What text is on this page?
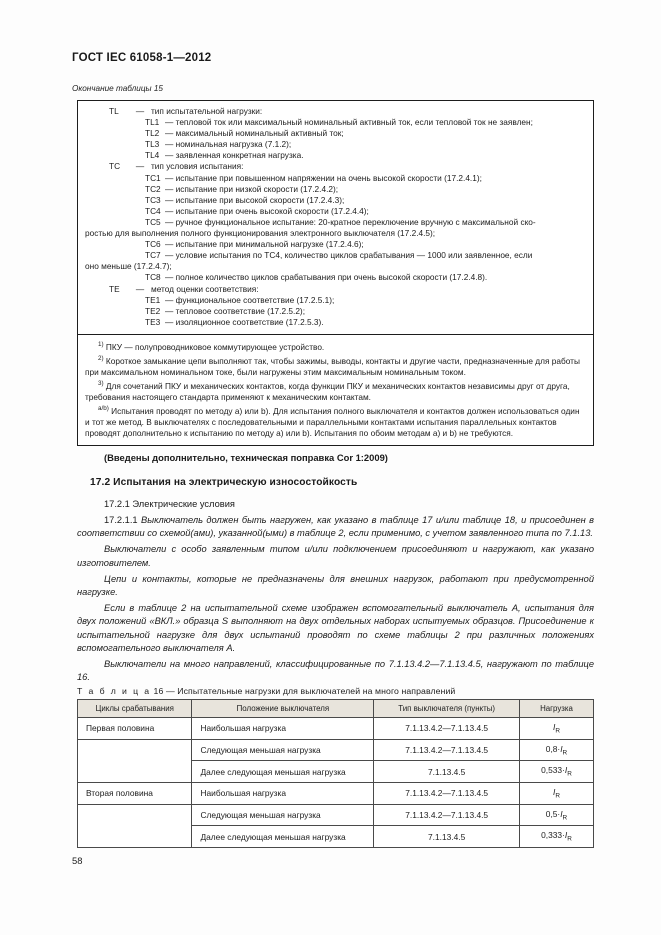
ГОСТ IEC 61058-1—2012
Окончание таблицы 15
TL — тип испытательной нагрузки:
TL1 — тепловой ток или максимальный номинальный активный ток, если тепловой ток не заявлен;
TL2 — максимальный номинальный активный ток;
TL3 — номинальная нагрузка (7.1.2);
TL4 — заявленная конкретная нагрузка.
TC — тип условия испытания:
TC1 — испытание при повышенном напряжении на очень высокой скорости (17.2.4.1);
TC2 — испытание при низкой скорости (17.2.4.2);
TC3 — испытание при высокой скорости (17.2.4.3);
TC4 — испытание при очень высокой скорости (17.2.4.4);
TC5 — ручное функциональное испытание: 20-кратное переключение вручную с максимальной ско-
ростью для выполнения полного функционирования электронного выключателя (17.2.4.5);
TC6 — испытание при минимальной нагрузке (17.2.4.6);
TC7 — условие испытания по ТС4, количество циклов срабатывания — 1000 или заявленное, если
оно меньше (17.2.4.7);
TC8 — полное количество циклов срабатывания при очень высокой скорости (17.2.4.8).
TE — метод оценки соответствия:
TE1 — функциональное соответствие (17.2.5.1);
TE2 — тепловое соответствие (17.2.5.2);
TE3 — изоляционное соответствие (17.2.5.3).

$^{1)}$ ПКУ — полупроводниковое коммутирующее устройство.

$^{2)}$ Короткое замыкание цепи выполняют так, чтобы зажимы, выводы, контакты и другие части, предназначенные для работы при максимальном номинальном токе, были нагружены этим максимальным номинальным током.

$^{3)}$ Для сочетаний ПКУ и механических контактов, когда функции ПКУ и механических контактов независимы друг от друга, требования настоящего стандарта применяют к механическим контактам.

$^{a/b)}$ Испытания проводят по методу a) или b). Для испытания полного выключателя и контактов должен использоваться один и тот же метод. В выключателях с последовательными и параллельными контактами испытания параллельных контактов проводят дополнительно к испытанию по методу a) или b). Испытания по обоим методам a) и b) не требуются.

(Введены дополнительно, техническая поправка Cor 1:2009)
17.2 Испытания на электрическую износостойкость
17.2.1 Электрические условия

17.2.1.1 Выключатель должен быть нагружен, как указано в таблице 17 и/или таблице 18, и присоединен в соответствии со схемой(ами), указанной(ыми) в таблице 2, если применимо, с учетом заявленного типа по 7.1.13.

Выключатели с особо заявленным типом и/или подключением присоединяют и нагружают, как указано изготовителем.

Цепи и контакты, которые не предназначены для внешних нагрузок, работают при предусмотренной нагрузке.

Если в таблице 2 на испытательной схеме изображен вспомогательный выключатель А, испытания для двух положений «ВКЛ.» образца S выполняют на двух отдельных наборах испытуемых образцов. Присоединение к испытательной нагрузке для двух испытаний проводят по схеме таблицы 2 при различных положениях вспомогательного выключателя А.

Выключатели на много направлений, классифицированные по 7.1.13.4.2—7.1.13.4.5, нагружают по таблице 16.

Т а б л и ц а 16 — Испытательные нагрузки для выключателей на много направлений
Циклы срабатывания	Положение выключателя	Тип выключателя (пункты)	Нагрузка
Первая половина	Наибольшая нагрузка	7.1.13.4.2—7.1.13.4.5	$I_R$
	Следующая меньшая нагрузка	7.1.13.4.2—7.1.13.4.5	$0,8\cdot I_R$
	Далее следующая меньшая нагрузка	7.1.13.4.5	$0,533\cdot I_R$
Вторая половина	Наибольшая нагрузка	7.1.13.4.2—7.1.13.4.5	$I_R$
	Следующая меньшая нагрузка	7.1.13.4.2—7.1.13.4.5	$0,5\cdot I_R$
	Далее следующая меньшая нагрузка	7.1.13.4.5	$0,333\cdot I_R$
58
